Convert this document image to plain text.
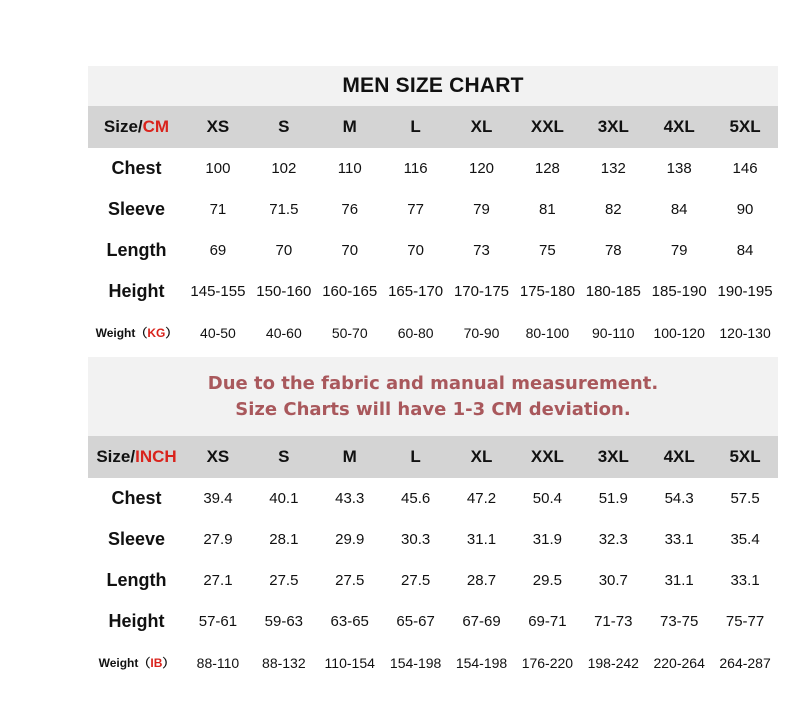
MEN SIZE CHART
Size/CM	XS	S	M	L	XL	XXL	3XL	4XL	5XL
Chest	100	102	110	116	120	128	132	138	146
Sleeve	71	71.5	76	77	79	81	82	84	90
Length	69	70	70	70	73	75	78	79	84
Height	145-155 150-160 160-165 165-170 170-175 175-180 180-185 185-190 190-195
Weight（KG）	40-50	40-60	50-70	60-80	70-90	80-100	90-110	100-120	120-130
Due to the fabric and manual measurement.
Size Charts will have 1-3 CM deviation.
Size/INCH	XS	S	M	L	XL	XXL	3XL	4XL	5XL
Chest	39.4	40.1	43.3	45.6	47.2	50.4	51.9	54.3	57.5
Sleeve	27.9	28.1	29.9	30.3	31.1	31.9	32.3	33.1	35.4
Length	27.1	27.5	27.5	27.5	28.7	29.5	30.7	31.1	33.1
Height	57-61	59-63	63-65	65-67	67-69	69-71	71-73	73-75	75-77
Weight（IB）	88-110	88-132	110-154	154-198	154-198	176-220	198-242	220-264	264-287
